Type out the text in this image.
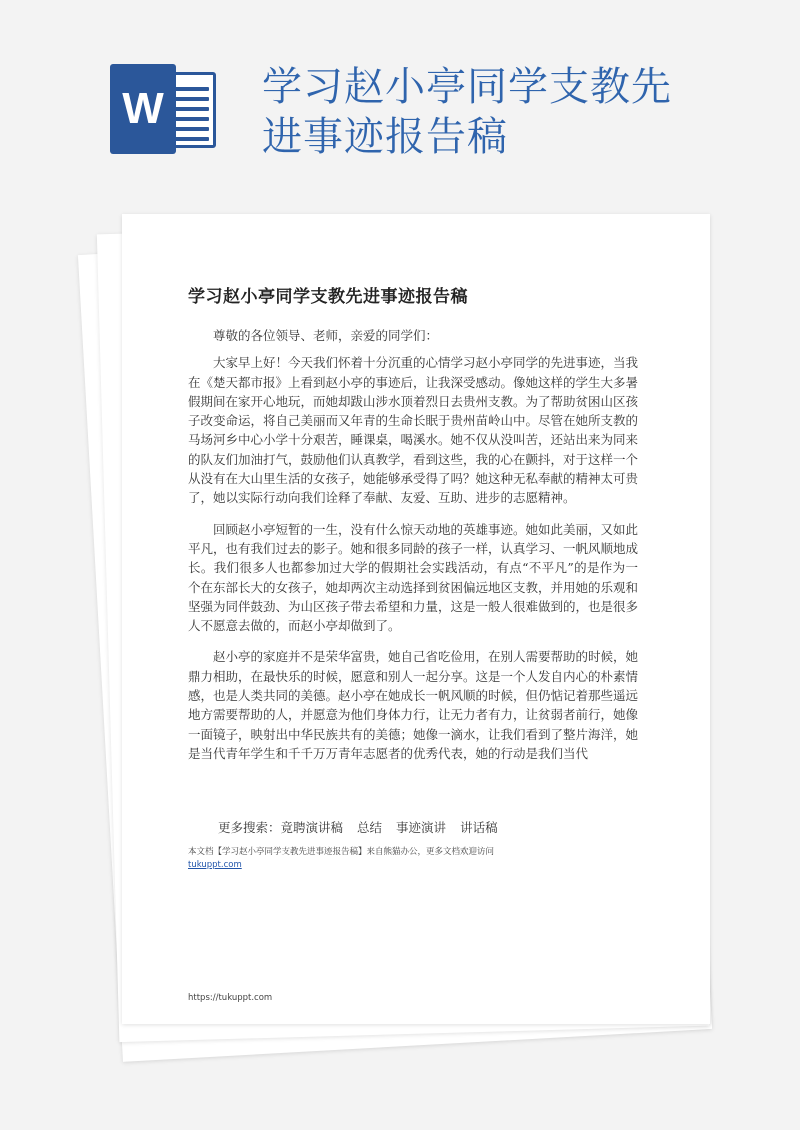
W	学习赵小亭同学支教先进事迹报告稿
学习赵小亭同学支教先进事迹报告稿

尊敬的各位领导、老师，亲爱的同学们：

大家早上好！今天我们怀着十分沉重的心情学习赵小亭同学的先进事迹，当我在《楚天都市报》上看到赵小亭的事迹后，让我深受感动。像她这样的学生大多暑假期间在家开心地玩，而她却跋山涉水顶着烈日去贵州支教。为了帮助贫困山区孩子改变命运，将自己美丽而又年青的生命长眠于贵州苗岭山中。尽管在她所支教的马场河乡中心小学十分艰苦，睡课桌，喝溪水。她不仅从没叫苦，还站出来为同来的队友们加油打气，鼓励他们认真教学，看到这些，我的心在颤抖，对于这样一个从没有在大山里生活的女孩子，她能够承受得了吗？她这种无私奉献的精神太可贵了，她以实际行动向我们诠释了奉献、友爱、互助、进步的志愿精神。

回顾赵小亭短暂的一生，没有什么惊天动地的英雄事迹。她如此美丽，又如此平凡，也有我们过去的影子。她和很多同龄的孩子一样，认真学习、一帆风顺地成长。我们很多人也都参加过大学的假期社会实践活动，有点“不平凡”的是作为一个在东部长大的女孩子，她却两次主动选择到贫困偏远地区支教，并用她的乐观和坚强为同伴鼓劲、为山区孩子带去希望和力量，这是一般人很难做到的，也是很多人不愿意去做的，而赵小亭却做到了。

赵小亭的家庭并不是荣华富贵，她自己省吃俭用，在别人需要帮助的时候，她鼎力相助，在最快乐的时候，愿意和别人一起分享。这是一个人发自内心的朴素情感，也是人类共同的美德。赵小亭在她成长一帆风顺的时候，但仍惦记着那些遥远地方需要帮助的人，并愿意为他们身体力行，让无力者有力，让贫弱者前行，她像一面镜子，映射出中华民族共有的美德；她像一滴水，让我们看到了整片海洋，她是当代青年学生和千千万万青年志愿者的优秀代表，她的行动是我们当代

更多搜索：竟聘演讲稿 总结 事迹演讲 讲话稿
本文档【学习赵小亭同学支教先进事迹报告稿】来自熊猫办公，更多文档欢迎访问
tukuppt.com
https://tukuppt.com
